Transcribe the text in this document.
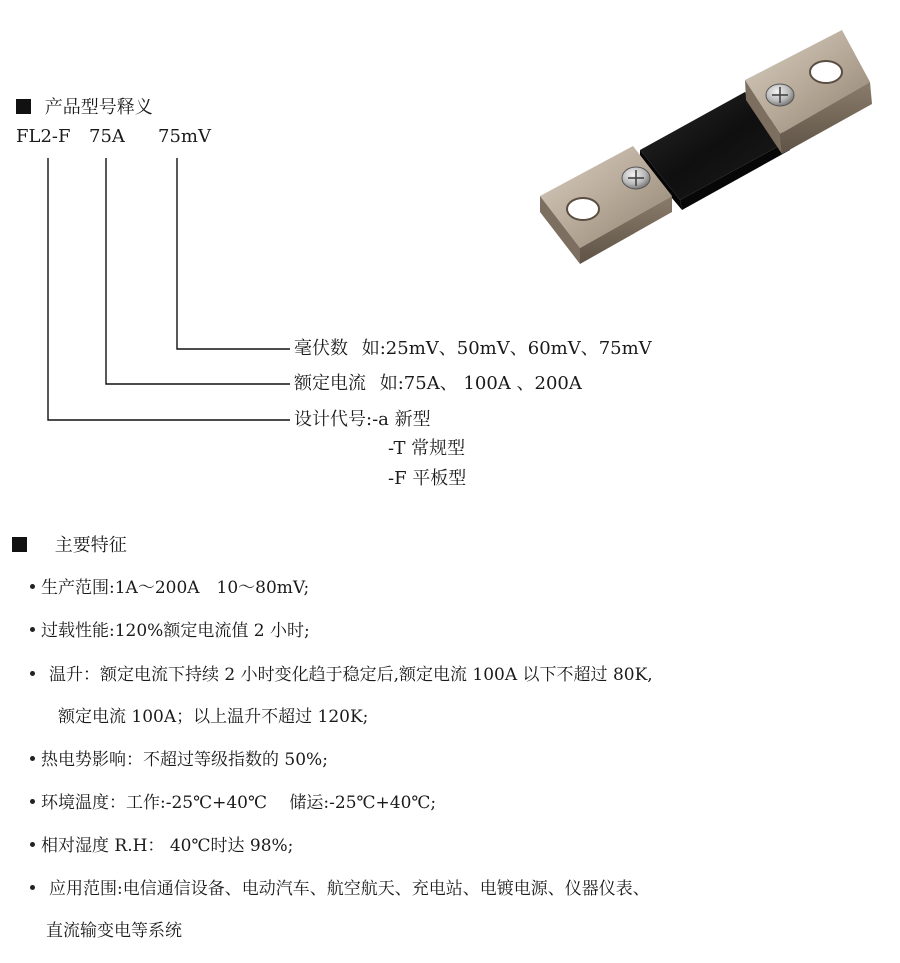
产品型号释义
FL2-F 75A 75mV
毫伏数 如:25mV、50mV、60mV、75mV
额定电流 如:75A、 100A 、200A
设计代号:-a 新型
-T 常规型
-F 平板型
主要特征
生产范围:1A～200A　10～80mV;
过载性能:120%额定电流值 2 小时;
温升：额定电流下持续 2 小时变化趋于稳定后,额定电流 100A 以下不超过 80K,
额定电流 100A；以上温升不超过 120K;
热电势影响：不超过等级指数的 50%;
环境温度：工作:-25℃+40℃　 储运:-25℃+40℃;
相对湿度 R.H： 40℃时达 98%;
应用范围:电信通信设备、电动汽车、航空航天、充电站、电镀电源、仪器仪表、
直流输变电等系统
